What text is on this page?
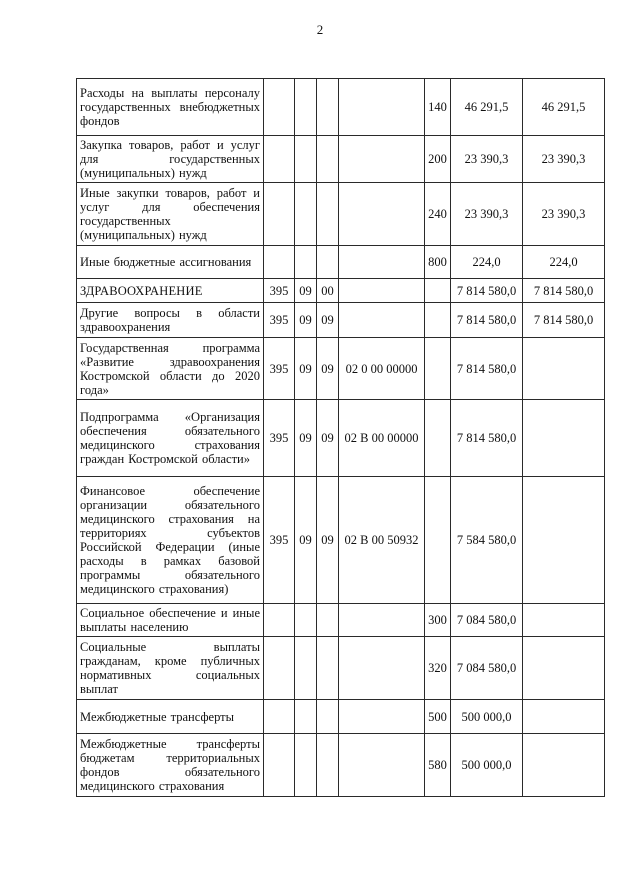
2
Расходы на выплаты персоналу государственных внебюджетных фондов					140	46 291,5	46 291,5
Закупка товаров, работ и услуг для государственных (муниципальных) нужд					200	23 390,3	23 390,3
Иные закупки товаров, работ и услуг для обеспечения государственных (муниципальных) нужд					240	23 390,3	23 390,3
Иные бюджетные ассигнования					800	224,0	224,0
ЗДРАВООХРАНЕНИЕ	395	09	00			7 814 580,0	7 814 580,0
Другие вопросы в области здравоохранения	395	09	09			7 814 580,0	7 814 580,0
Государственная программа «Развитие здравоохранения Костромской области до 2020 года»	395	09	09	02 0 00 00000		7 814 580,0	
Подпрограмма «Организация обеспечения обязательного медицинского страхования граждан Костромской области»	395	09	09	02 В 00 00000		7 814 580,0	
Финансовое обеспечение организации обязательного медицинского страхования на территориях субъектов Российской Федерации (иные расходы в рамках базовой программы обязательного медицинского страхования)	395	09	09	02 В 00 50932		7 584 580,0	
Социальное обеспечение и иные выплаты населению					300	7 084 580,0	
Социальные выплаты гражданам, кроме публичных нормативных социальных выплат					320	7 084 580,0	
Межбюджетные трансферты					500	500 000,0	
Межбюджетные трансферты бюджетам территориальных фондов обязательного медицинского страхования					580	500 000,0	
